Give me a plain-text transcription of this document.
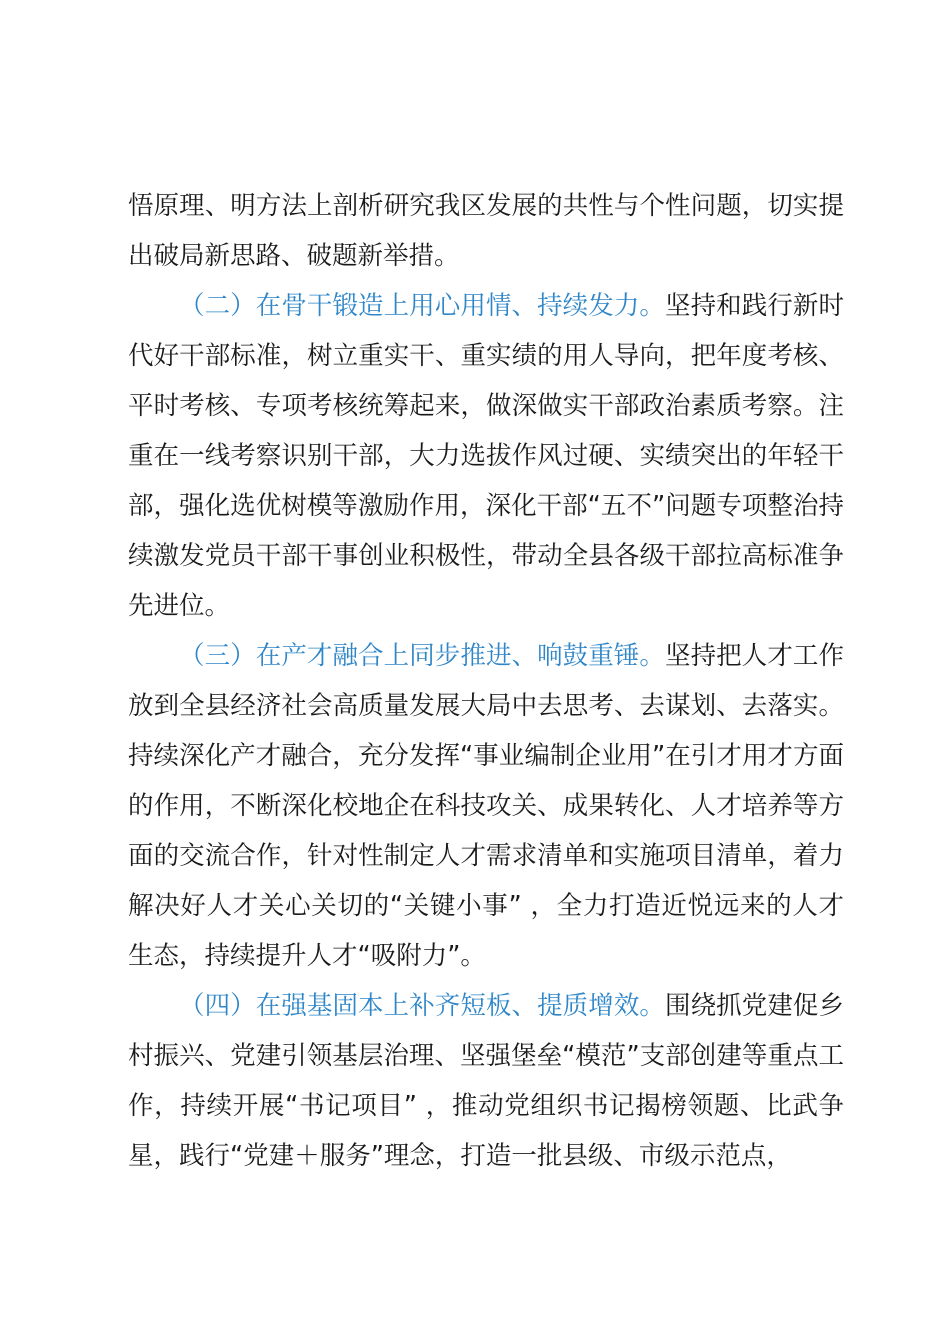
悟原理、明方法上剖析研究我区发展的共性与个性问题，切实提出破局新思路、破题新举措。

（二）在骨干锻造上用心用情、持续发力。坚持和践行新时代好干部标准，树立重实干、重实绩的用人导向，把年度考核、平时考核、专项考核统筹起来，做深做实干部政治素质考察。注重在一线考察识别干部，大力选拔作风过硬、实绩突出的年轻干部，强化选优树模等激励作用，深化干部“五不”问题专项整治持续激发党员干部干事创业积极性，带动全县各级干部拉高标准争先进位。

（三）在产才融合上同步推进、响鼓重锤。坚持把人才工作放到全县经济社会高质量发展大局中去思考、去谋划、去落实。持续深化产才融合，充分发挥“事业编制企业用”在引才用才方面的作用，不断深化校地企在科技攻关、成果转化、人才培养等方面的交流合作，针对性制定人才需求清单和实施项目清单，着力解决好人才关心关切的“关键小事” ，全力打造近悦远来的人才生态，持续提升人才“吸附力”。

（四）在强基固本上补齐短板、提质增效。围绕抓党建促乡村振兴、党建引领基层治理、坚强堡垒“模范”支部创建等重点工作，持续开展“书记项目” ，推动党组织书记揭榜领题、比武争星，践行“党建＋服务”理念，打造一批县级、市级示范点，
